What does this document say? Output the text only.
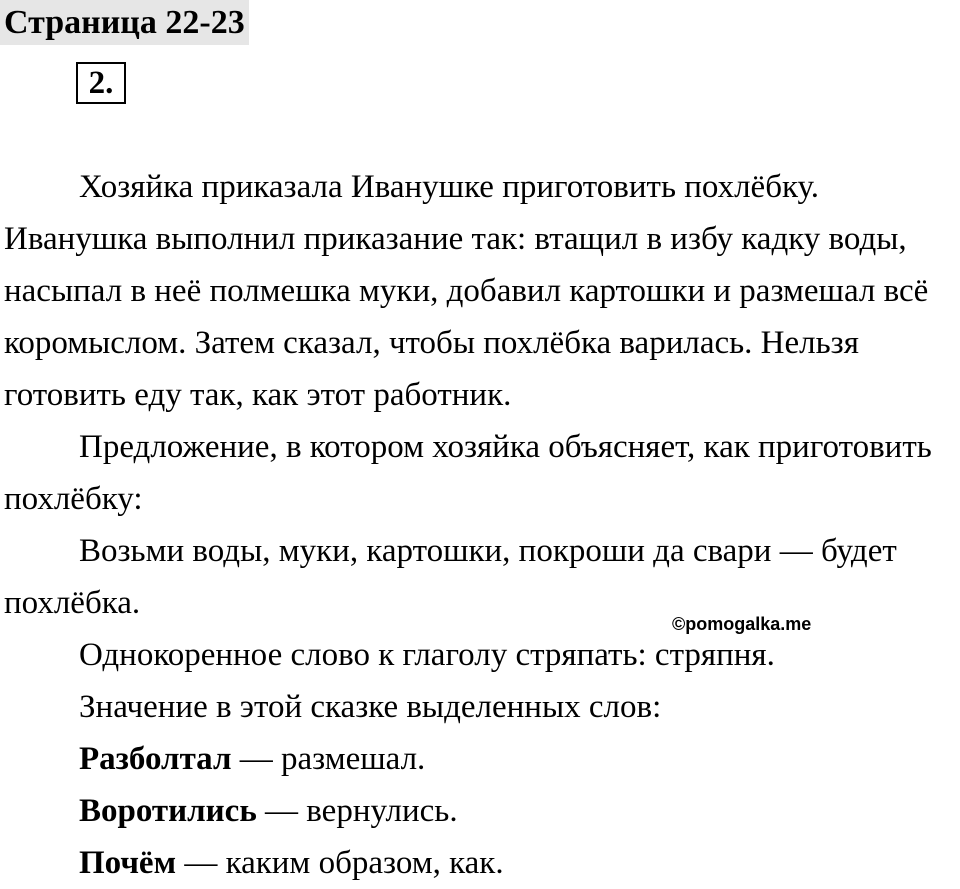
Страница 22-23
2.

Хозяйка приказала Иванушке приготовить похлёбку. Иванушка выполнил приказание так: втащил в избу кадку воды, насыпал в неё полмешка муки, добавил картошки и размешал всё коромыслом. Затем сказал, чтобы похлёбка варилась. Нельзя готовить еду так, как этот работник.

Предложение, в котором хозяйка объясняет, как приготовить похлёбку:

Возьми воды, муки, картошки, покроши да свари — будет похлёбка.

Однокоренное слово к глаголу стряпать: стряпня.

Значение в этой сказке выделенных слов:

Разболтал — размешал.

Воротились — вернулись.

Почём — каким образом, как.

©pomogalka.me
